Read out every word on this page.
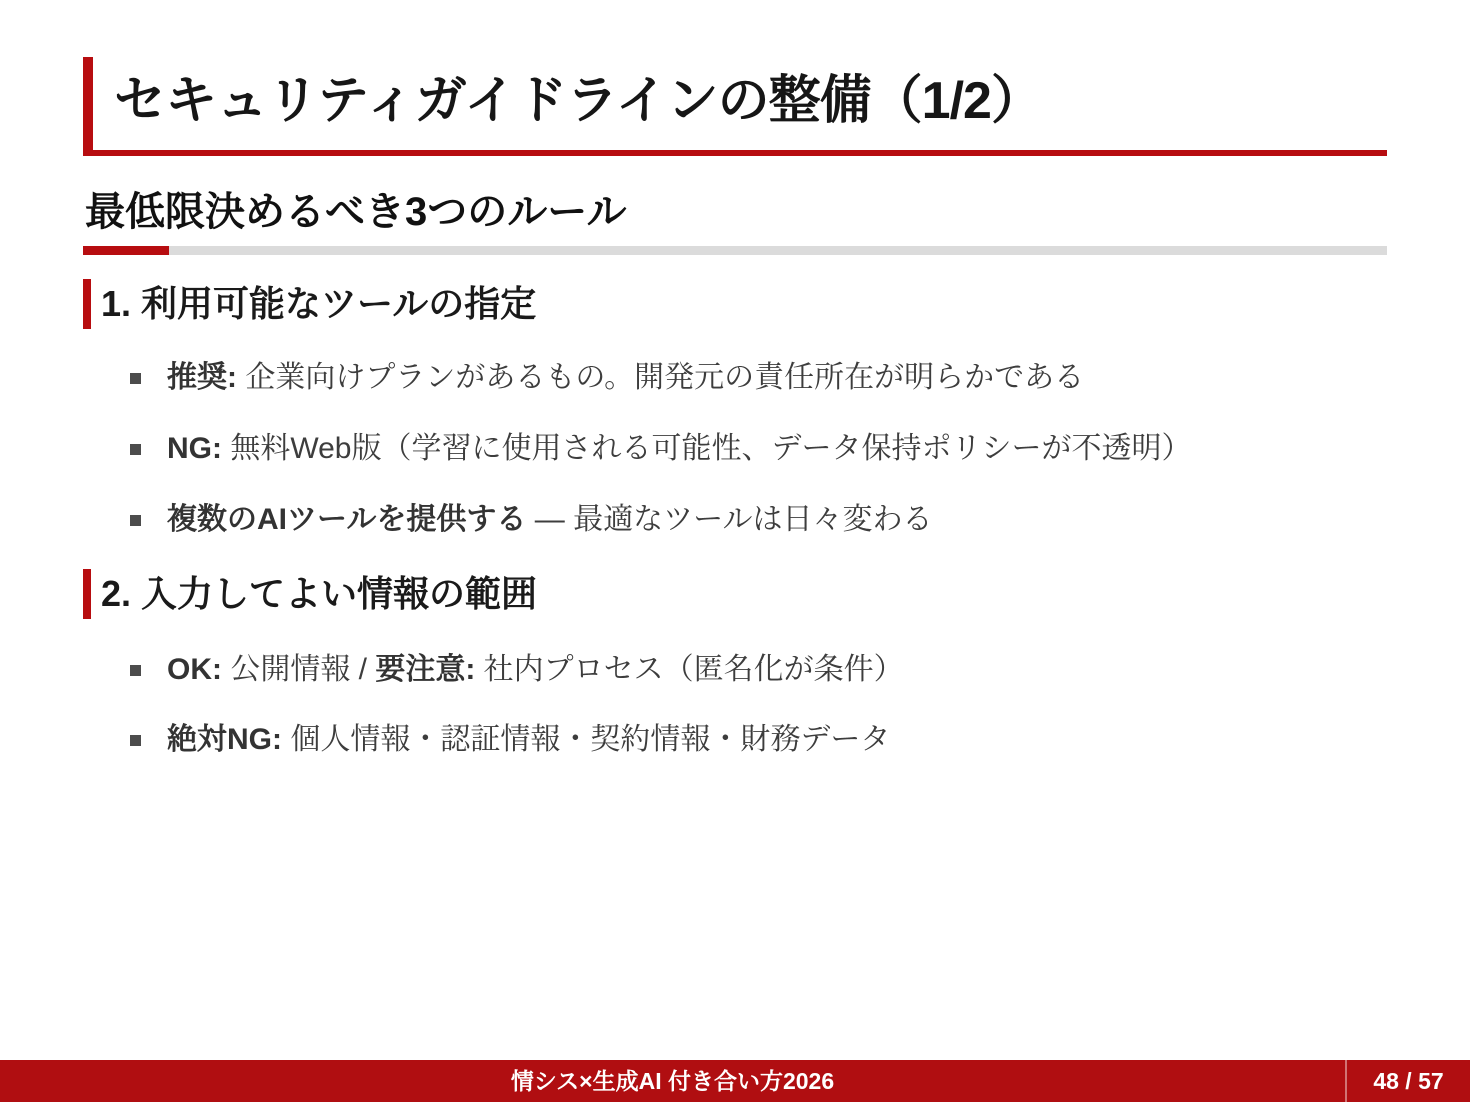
セキュリティガイドラインの整備（1/2）
最低限決めるべき3つのルール
1. 利用可能なツールの指定

推奨: 企業向けプランがあるもの。開発元の責任所在が明らかである

NG: 無料Web版（学習に使用される可能性、データ保持ポリシーが不透明）

複数のAIツールを提供する — 最適なツールは日々変わる

2. 入力してよい情報の範囲

OK: 公開情報 / 要注意: 社内プロセス（匿名化が条件）

絶対NG: 個人情報・認証情報・契約情報・財務データ

情シス×生成AI 付き合い方2026	48 / 57
